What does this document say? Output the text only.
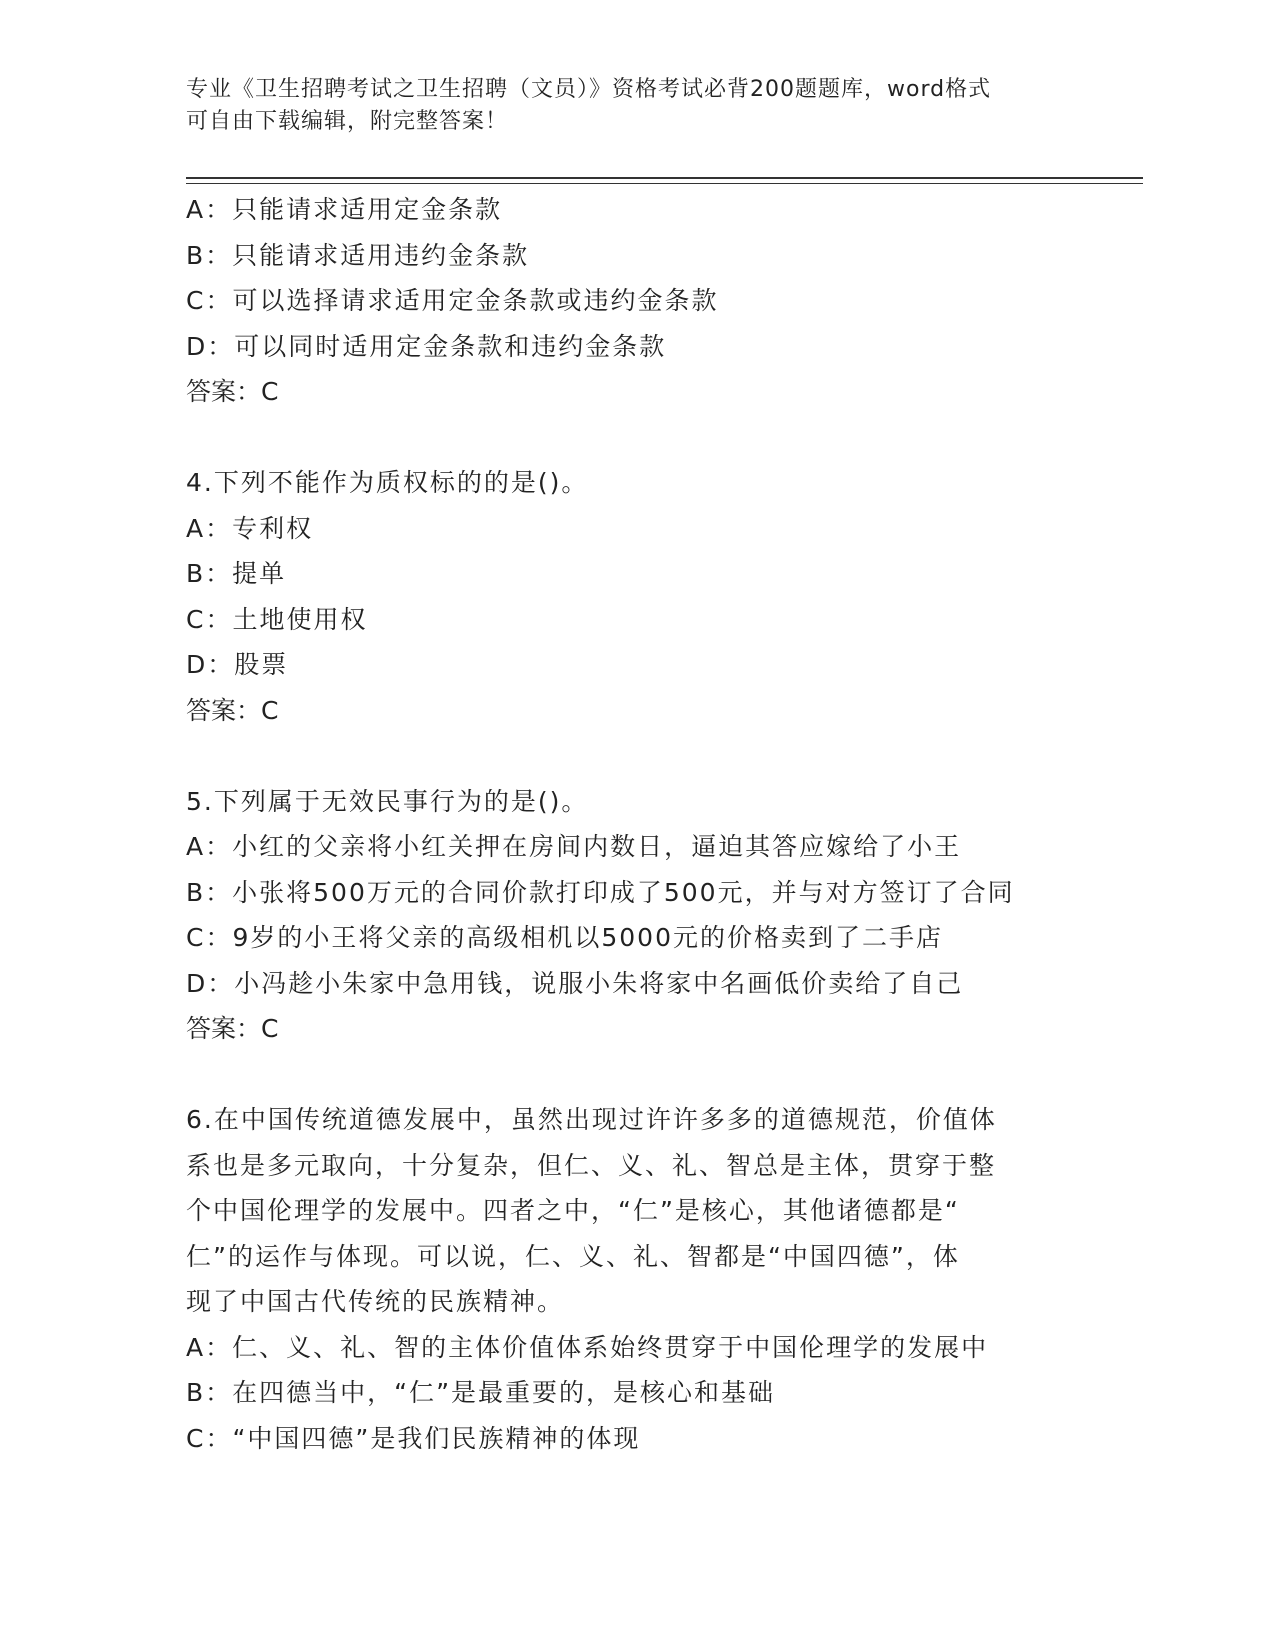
专业《卫生招聘考试之卫生招聘（文员）》资格考试必背200题题库，word格式
可自由下载编辑，附完整答案！
A：只能请求适用定金条款
B：只能请求适用违约金条款
C：可以选择请求适用定金条款或违约金条款
D：可以同时适用定金条款和违约金条款
答案：C
4.下列不能作为质权标的的是()。
A：专利权
B：提单
C：土地使用权
D：股票
答案：C
5.下列属于无效民事行为的是()。
A：小红的父亲将小红关押在房间内数日，逼迫其答应嫁给了小王
B：小张将500万元的合同价款打印成了500元，并与对方签订了合同
C：9岁的小王将父亲的高级相机以5000元的价格卖到了二手店
D：小冯趁小朱家中急用钱，说服小朱将家中名画低价卖给了自己
答案：C
6.在中国传统道德发展中，虽然出现过许许多多的道德规范，价值体
系也是多元取向，十分复杂，但仁、义、礼、智总是主体，贯穿于整
个中国伦理学的发展中。四者之中，“仁”是核心，其他诸德都是“
仁”的运作与体现。可以说，仁、义、礼、智都是“中国四德”，体
现了中国古代传统的民族精神。
A：仁、义、礼、智的主体价值体系始终贯穿于中国伦理学的发展中
B：在四德当中，“仁”是最重要的，是核心和基础
C：“中国四德”是我们民族精神的体现
